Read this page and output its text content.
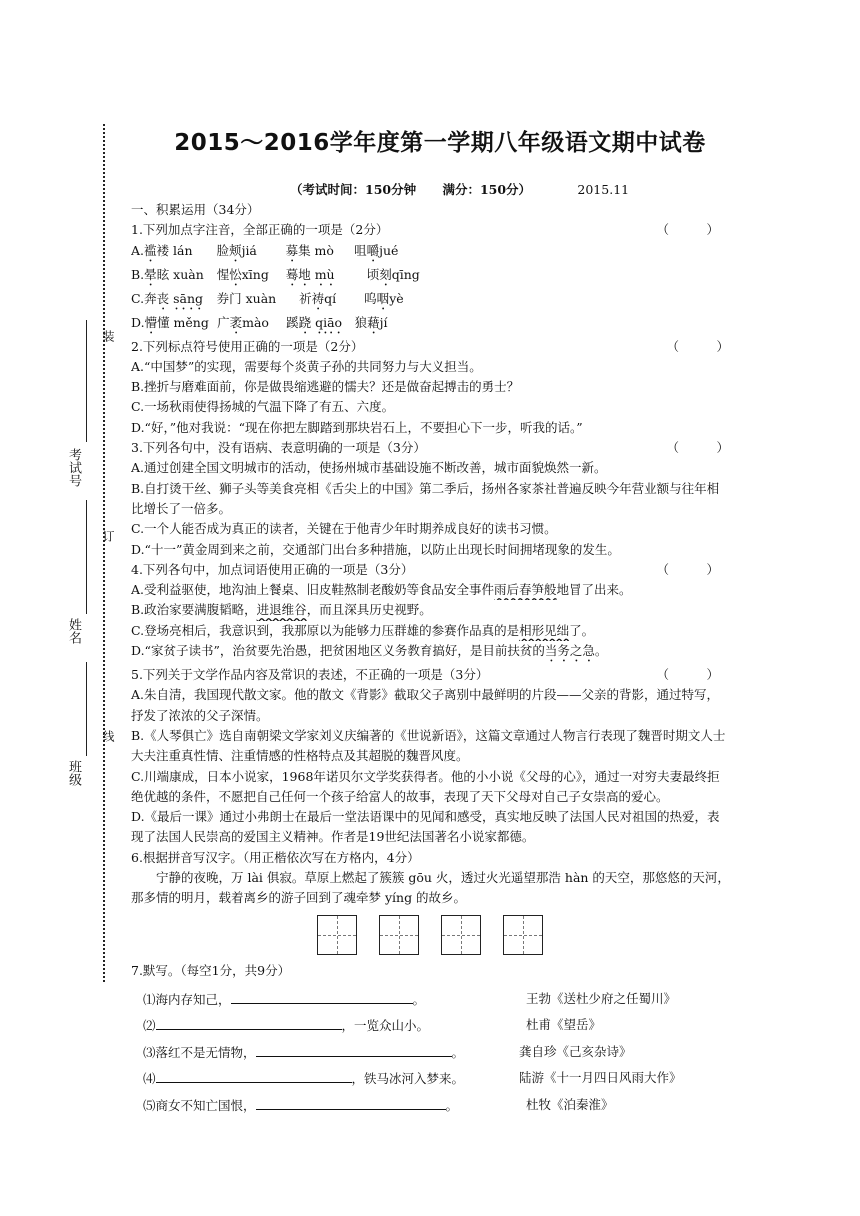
装
订
线
考试号
姓名
班级
2015～2016学年度第一学期八年级语文期中试卷
（考试时间：150分钟 满分：150分）	2015.11
一、积累运用（34分）
1.下列加点字注音，全部正确的一项是（2分）	（　　　）
A.褴褛 lán 脸颊jiá 募集 mò 咀嚼jué
B.晕眩 xuàn 惺忪xīng 蓦地 mù	顷刻qīng
C.奔丧 sāng 券门 xuàn 祈祷qí 呜咽yè
D.懵懂 měng 广袤mào 蹊跷 qiāo 狼藉jí
2.下列标点符号使用正确的一项是（2分）	（　　　）
A.“中国梦”的实现，需要每个炎黄子孙的共同努力与大义担当。
B.挫折与磨难面前，你是做畏缩逃避的懦夫？还是做奋起搏击的勇士？
C.一场秋雨使得扬城的气温下降了有五、六度。
D.“好，”他对我说：“现在你把左脚踏到那块岩石上，不要担心下一步，听我的话。”
3.下列各句中，没有语病、表意明确的一项是（3分）	（　　　）
A.通过创建全国文明城市的活动，使扬州城市基础设施不断改善，城市面貌焕然一新。
B.自打烫干丝、狮子头等美食亮相《舌尖上的中国》第二季后，扬州各家茶社普遍反映今年营业额与往年相比增长了一倍多。
C.一个人能否成为真正的读者，关键在于他青少年时期养成良好的读书习惯。
D.“十一”黄金周到来之前，交通部门出台多种措施，以防止出现长时间拥堵现象的发生。
4.下列各句中，加点词语使用正确的一项是（3分）	（　　　）
A.受利益驱使，地沟油上餐桌、旧皮鞋熬制老酸奶等食品安全事件雨后春笋般地冒了出来。
B.政治家要满腹韬略，进退维谷，而且深具历史视野。
C.登场亮相后，我意识到，我那原以为能够力压群雄的参赛作品真的是相形见绌了。
D.“家贫子读书”，治贫要先治愚，把贫困地区义务教育搞好，是目前扶贫的当务之急。
5.下列关于文学作品内容及常识的表述，不正确的一项是（3分）	（　　　）
A.朱自清，我国现代散文家。他的散文《背影》截取父子离别中最鲜明的片段——父亲的背影，通过特写，抒发了浓浓的父子深情。
B.《人琴俱亡》选自南朝梁文学家刘义庆编著的《世说新语》，这篇文章通过人物言行表现了魏晋时期文人士大夫注重真性情、注重情感的性格特点及其超脱的魏晋风度。
C.川端康成，日本小说家，1968年诺贝尔文学奖获得者。他的小小说《父母的心》，通过一对穷夫妻最终拒绝优越的条件，不愿把自己任何一个孩子给富人的故事，表现了天下父母对自己子女崇高的爱心。
D.《最后一课》通过小弗朗士在最后一堂法语课中的见闻和感受，真实地反映了法国人民对祖国的热爱，表现了法国人民崇高的爱国主义精神。作者是19世纪法国著名小说家都德。
6.根据拼音写汉字。（用正楷依次写在方格内，4分）
宁静的夜晚，万 lài 俱寂。草原上燃起了簇簇 gōu 火，透过火光遥望那浩 hàn 的天空，那悠悠的天河，那多情的明月，载着离乡的游子回到了魂牵梦 yíng 的故乡。
7.默写。（每空1分，共9分）
⑴海内存知己，	。	王勃《送杜少府之任蜀川》
⑵	，一览众山小。	杜甫《望岳》
⑶落红不是无情物，	。	龚自珍《己亥杂诗》
⑷	，铁马冰河入梦来。	陆游《十一月四日风雨大作》
⑸商女不知亡国恨，	。	杜牧《泊秦淮》
